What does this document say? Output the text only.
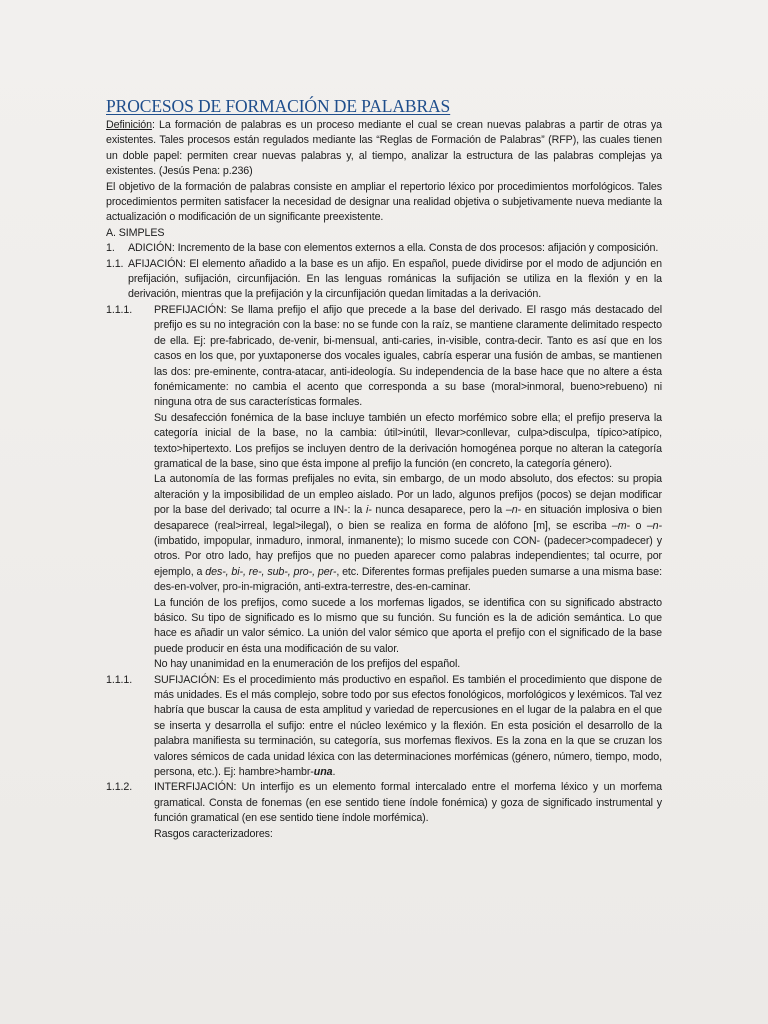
PROCESOS DE FORMACIÓN DE PALABRAS

Definición: La formación de palabras es un proceso mediante el cual se crean nuevas palabras a partir de otras ya existentes. Tales procesos están regulados mediante las “Reglas de Formación de Palabras” (RFP), las cuales tienen un doble papel: permiten crear nuevas palabras y, al tiempo, analizar la estructura de las palabras complejas ya existentes. (Jesús Pena: p.236)

El objetivo de la formación de palabras consiste en ampliar el repertorio léxico por procedimientos morfológicos. Tales procedimientos permiten satisfacer la necesidad de designar una realidad objetiva o subjetivamente nueva mediante la actualización o modificación de un significante preexistente.

A. SIMPLES

1.	ADICIÓN: Incremento de la base con elementos externos a ella. Consta de dos procesos: afijación y composición.
1.1. AFIJACIÓN: El elemento añadido a la base es un afijo. En español, puede dividirse por el modo de adjunción en prefijación, sufijación, circunfijación. En las lenguas románicas la sufijación se utiliza en la flexión y en la derivación, mientras que la prefijación y la circunfijación quedan limitadas a la derivación.
1.1.1.	PREFIJACIÓN: Se llama prefijo el afijo que precede a la base del derivado. El rasgo más destacado del prefijo es su no integración con la base: no se funde con la raíz, se mantiene claramente delimitado respecto de ella. Ej: pre-fabricado, de-venir, bi-mensual, anti-caries, in-visible, contra-decir. Tanto es así que en los casos en los que, por yuxtaponerse dos vocales iguales, cabría esperar una fusión de ambas, se mantienen las dos: pre-eminente, contra-atacar, anti-ideología. Su independencia de la base hace que no altere a ésta fonémicamente: no cambia el acento que corresponda a su base (moral>inmoral, bueno>rebueno) ni ninguna otra de sus características formales.

Su desafección fonémica de la base incluye también un efecto morfémico sobre ella; el prefijo preserva la categoría inicial de la base, no la cambia: útil>inútil, llevar>conllevar, culpa>disculpa, típico>atípico, texto>hipertexto. Los prefijos se incluyen dentro de la derivación homogénea porque no alteran la categoría gramatical de la base, sino que ésta impone al prefijo la función (en concreto, la categoría género).

La autonomía de las formas prefijales no evita, sin embargo, de un modo absoluto, dos efectos: su propia alteración y la imposibilidad de un empleo aislado. Por un lado, algunos prefijos (pocos) se dejan modificar por la base del derivado; tal ocurre a IN-: la i- nunca desaparece, pero la –n- en situación implosiva o bien desaparece (real>irreal, legal>ilegal), o bien se realiza en forma de alófono [m], se escriba –m- o –n- (imbatido, impopular, inmaduro, inmoral, inmanente); lo mismo sucede con CON- (padecer>compadecer) y otros. Por otro lado, hay prefijos que no pueden aparecer como palabras independientes; tal ocurre, por ejemplo, a des-, bi-, re-, sub-, pro-, per-, etc. Diferentes formas prefijales pueden sumarse a una misma base: des-en-volver, pro-in-migración, anti-extra-terrestre, des-en-caminar.

La función de los prefijos, como sucede a los morfemas ligados, se identifica con su significado abstracto básico. Su tipo de significado es lo mismo que su función. Su función es la de adición semántica. Lo que hace es añadir un valor sémico. La unión del valor sémico que aporta el prefijo con el significado de la base puede producir en ésta una modificación de su valor.

No hay unanimidad en la enumeración de los prefijos del español.

1.1.1.	SUFIJACIÓN: Es el procedimiento más productivo en español. Es también el procedimiento que dispone de más unidades. Es el más complejo, sobre todo por sus efectos fonológicos, morfológicos y lexémicos. Tal vez habría que buscar la causa de esta amplitud y variedad de repercusiones en el lugar de la palabra en el que se inserta y desarrolla el sufijo: entre el núcleo lexémico y la flexión. En esta posición el desarrollo de la palabra manifiesta su terminación, su categoría, sus morfemas flexivos. Es la zona en la que se cruzan los valores sémicos de cada unidad léxica con las determinaciones morfémicas (género, número, tiempo, modo, persona, etc.). Ej: hambre>hambr-una.
1.1.2.	INTERFIJACIÓN: Un interfijo es un elemento formal intercalado entre el morfema léxico y un morfema gramatical. Consta de fonemas (en ese sentido tiene índole fonémica) y goza de significado instrumental y función gramatical (en ese sentido tiene índole morfémica).

Rasgos caracterizadores:
